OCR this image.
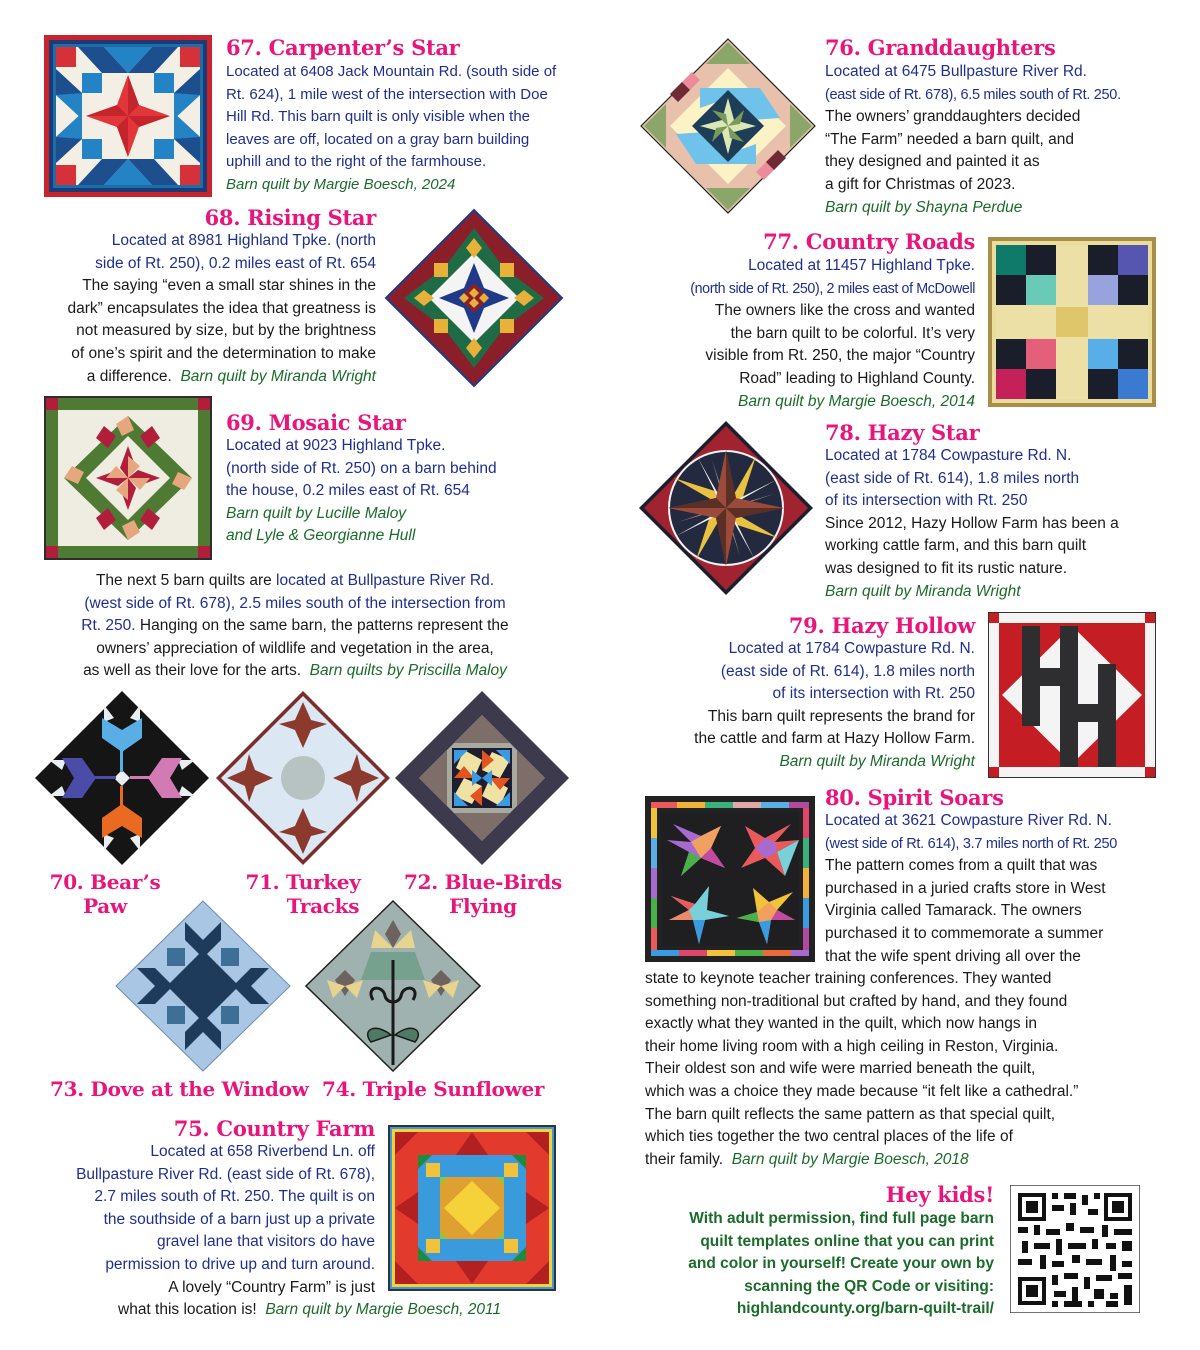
67. Carpenter’s Star
Located at 6408 Jack Mountain Rd. (south side of
Rt. 624), 1 mile west of the intersection with Doe
Hill Rd. This barn quilt is only visible when the
leaves are off, located on a gray barn building
uphill and to the right of the farmhouse.
Barn quilt by Margie Boesch, 2024
68. Rising Star
Located at 8981 Highland Tpke. (north
side of Rt. 250), 0.2 miles east of Rt. 654
The saying “even a small star shines in the
dark” encapsulates the idea that greatness is
not measured by size, but by the brightness
of one’s spirit and the determination to make
a difference. Barn quilt by Miranda Wright
69. Mosaic Star
Located at 9023 Highland Tpke.
(north side of Rt. 250) on a barn behind
the house, 0.2 miles east of Rt. 654
Barn quilt by Lucille Maloy
and Lyle & Georgianne Hull
The next 5 barn quilts are located at Bullpasture River Rd.
(west side of Rt. 678), 2.5 miles south of the intersection from
Rt. 250. Hanging on the same barn, the patterns represent the
owners’ appreciation of wildlife and vegetation in the area,
as well as their love for the arts. Barn quilts by Priscilla Maloy
70. Bear’s
Paw
71. Turkey
Tracks
72. Blue-Birds
Flying
73. Dove at the Window 74. Triple Sunflower
75. Country Farm
Located at 658 Riverbend Ln. off
Bullpasture River Rd. (east side of Rt. 678),
2.7 miles south of Rt. 250. The quilt is on
the southside of a barn just up a private
gravel lane that visitors do have
permission to drive up and turn around.
A lovely “Country Farm” is just
what this location is! Barn quilt by Margie Boesch, 2011
76. Granddaughters
Located at 6475 Bullpasture River Rd.
(east side of Rt. 678), 6.5 miles south of Rt. 250.
The owners’ granddaughters decided
“The Farm” needed a barn quilt, and
they designed and painted it as
a gift for Christmas of 2023.
Barn quilt by Shayna Perdue
77. Country Roads
Located at 11457 Highland Tpke.
(north side of Rt. 250), 2 miles east of McDowell
The owners like the cross and wanted
the barn quilt to be colorful. It’s very
visible from Rt. 250, the major “Country
Road” leading to Highland County.
Barn quilt by Margie Boesch, 2014
78. Hazy Star
Located at 1784 Cowpasture Rd. N.
(east side of Rt. 614), 1.8 miles north
of its intersection with Rt. 250
Since 2012, Hazy Hollow Farm has been a
working cattle farm, and this barn quilt
was designed to fit its rustic nature.
Barn quilt by Miranda Wright
79. Hazy Hollow
Located at 1784 Cowpasture Rd. N.
(east side of Rt. 614), 1.8 miles north
of its intersection with Rt. 250
This barn quilt represents the brand for
the cattle and farm at Hazy Hollow Farm.
Barn quilt by Miranda Wright
80. Spirit Soars
Located at 3621 Cowpasture River Rd. N.
(west side of Rt. 614), 3.7 miles north of Rt. 250
The pattern comes from a quilt that was
purchased in a juried crafts store in West
Virginia called Tamarack. The owners
purchased it to commemorate a summer
that the wife spent driving all over the
state to keynote teacher training conferences. They wanted
something non-traditional but crafted by hand, and they found
exactly what they wanted in the quilt, which now hangs in
their home living room with a high ceiling in Reston, Virginia.
Their oldest son and wife were married beneath the quilt,
which was a choice they made because “it felt like a cathedral.”
The barn quilt reflects the same pattern as that special quilt,
which ties together the two central places of the life of
their family. Barn quilt by Margie Boesch, 2018
Hey kids!
With adult permission, find full page barn
quilt templates online that you can print
and color in yourself! Create your own by
scanning the QR Code or visiting:
highlandcounty.org/barn-quilt-trail/
